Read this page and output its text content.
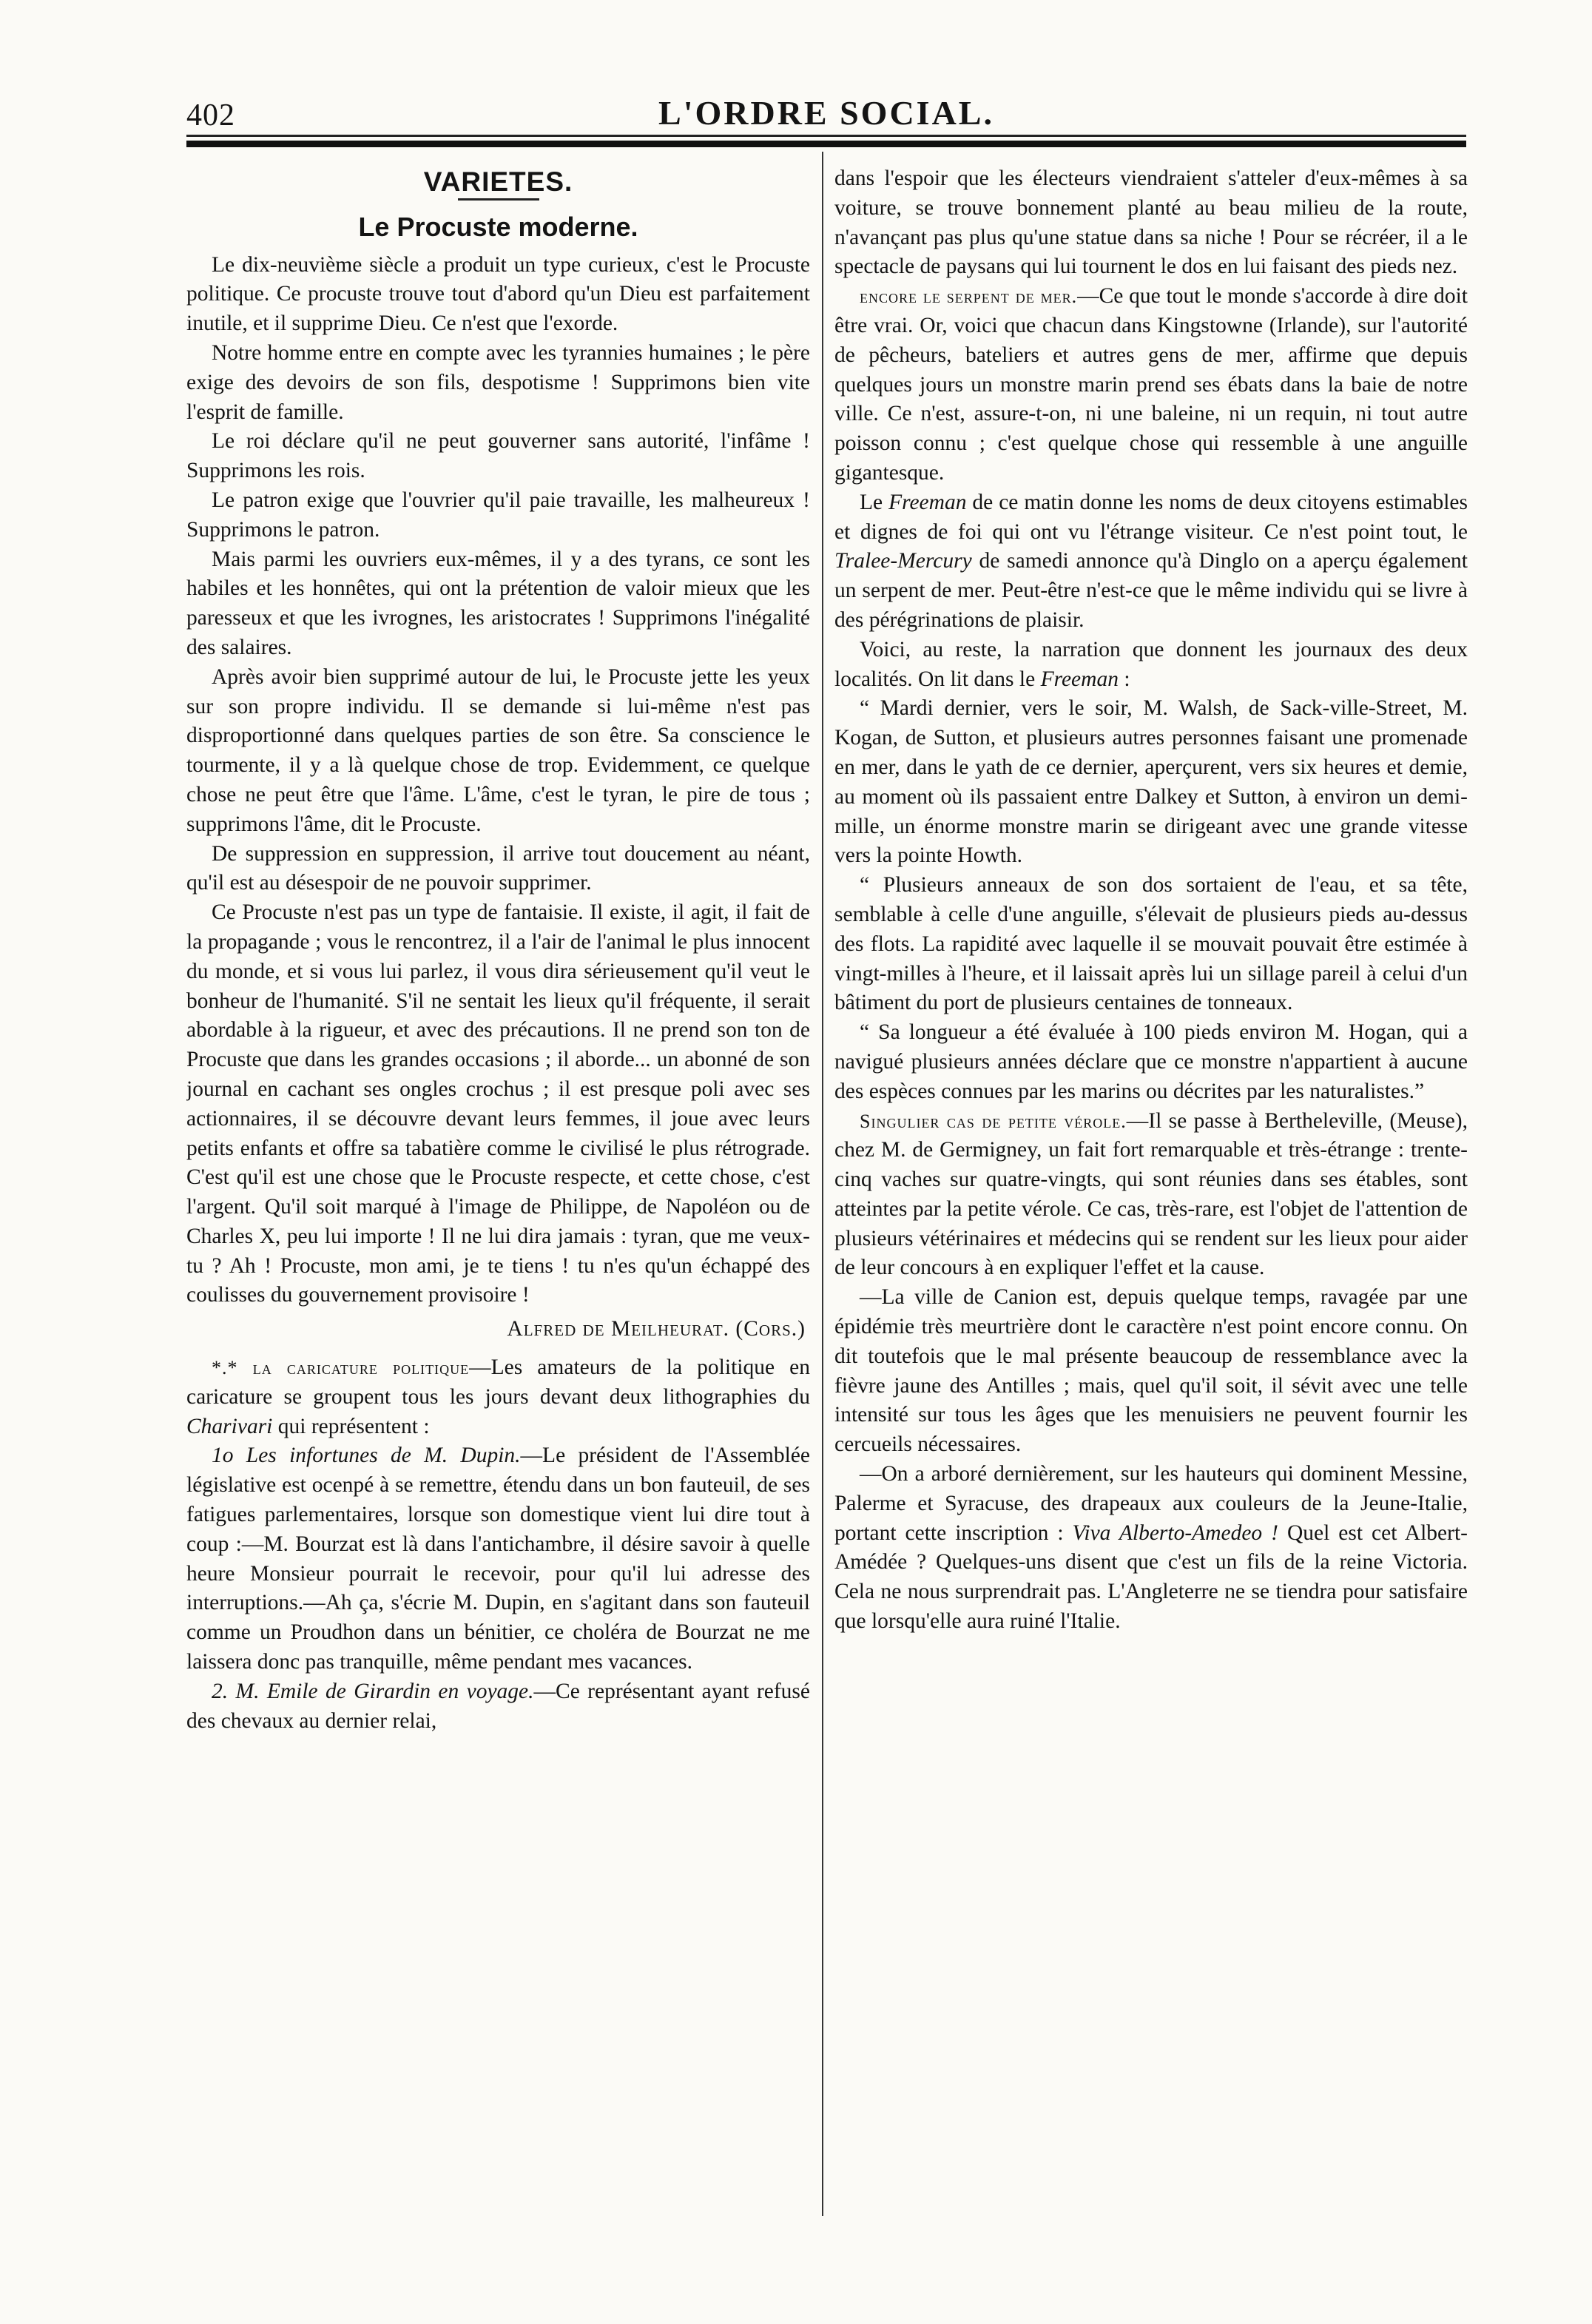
402	L'ORDRE SOCIAL.
VARIETES.
Le Procuste moderne.

Le dix-neuvième siècle a produit un type curieux, c'est le Procuste politique. Ce procuste trouve tout d'abord qu'un Dieu est parfaitement inutile, et il supprime Dieu. Ce n'est que l'exorde.

Notre homme entre en compte avec les tyrannies humaines ; le père exige des devoirs de son fils, despotisme ! Supprimons bien vite l'esprit de famille.

Le roi déclare qu'il ne peut gouverner sans autorité, l'infâme ! Supprimons les rois.

Le patron exige que l'ouvrier qu'il paie travaille, les malheureux ! Supprimons le patron.

Mais parmi les ouvriers eux-mêmes, il y a des tyrans, ce sont les habiles et les honnêtes, qui ont la prétention de valoir mieux que les paresseux et que les ivrognes, les aristocrates ! Supprimons l'inégalité des salaires.

Après avoir bien supprimé autour de lui, le Procuste jette les yeux sur son propre individu. Il se demande si lui-même n'est pas disproportionné dans quelques parties de son être. Sa conscience le tourmente, il y a là quelque chose de trop. Evidemment, ce quelque chose ne peut être que l'âme. L'âme, c'est le tyran, le pire de tous ; supprimons l'âme, dit le Procuste.

De suppression en suppression, il arrive tout doucement au néant, qu'il est au désespoir de ne pouvoir supprimer.

Ce Procuste n'est pas un type de fantaisie. Il existe, il agit, il fait de la propagande ; vous le rencontrez, il a l'air de l'animal le plus innocent du monde, et si vous lui parlez, il vous dira sérieusement qu'il veut le bonheur de l'humanité. S'il ne sentait les lieux qu'il fréquente, il serait abordable à la rigueur, et avec des précautions. Il ne prend son ton de Procuste que dans les grandes occasions ; il aborde... un abonné de son journal en cachant ses ongles crochus ; il est presque poli avec ses actionnaires, il se découvre devant leurs femmes, il joue avec leurs petits enfants et offre sa tabatière comme le civilisé le plus rétrograde. C'est qu'il est une chose que le Procuste respecte, et cette chose, c'est l'argent. Qu'il soit marqué à l'image de Philippe, de Napoléon ou de Charles X, peu lui importe ! Il ne lui dira jamais : tyran, que me veux-tu ? Ah ! Procuste, mon ami, je te tiens ! tu n'es qu'un échappé des coulisses du gouvernement provisoire !

Alfred de Meilheurat. (Cors.)

*.* la caricature politique—Les amateurs de la politique en caricature se groupent tous les jours devant deux lithographies du Charivari qui représentent :

1o Les infortunes de M. Dupin.—Le président de l'Assemblée législative est ocenpé à se remettre, étendu dans un bon fauteuil, de ses fatigues parlementaires, lorsque son domestique vient lui dire tout à coup :—M. Bourzat est là dans l'antichambre, il désire savoir à quelle heure Monsieur pourrait le recevoir, pour qu'il lui adresse des interruptions.—Ah ça, s'écrie M. Dupin, en s'agitant dans son fauteuil comme un Proudhon dans un bénitier, ce choléra de Bourzat ne me laissera donc pas tranquille, même pendant mes vacances.

2. M. Emile de Girardin en voyage.—Ce représentant ayant refusé des chevaux au dernier relai,

dans l'espoir que les électeurs viendraient s'atteler d'eux-mêmes à sa voiture, se trouve bonnement planté au beau milieu de la route, n'avançant pas plus qu'une statue dans sa niche ! Pour se récréer, il a le spectacle de paysans qui lui tournent le dos en lui faisant des pieds nez.

encore le serpent de mer.—Ce que tout le monde s'accorde à dire doit être vrai. Or, voici que chacun dans Kingstowne (Irlande), sur l'autorité de pêcheurs, bateliers et autres gens de mer, affirme que depuis quelques jours un monstre marin prend ses ébats dans la baie de notre ville. Ce n'est, assure-t-on, ni une baleine, ni un requin, ni tout autre poisson connu ; c'est quelque chose qui ressemble à une anguille gigantesque.

Le Freeman de ce matin donne les noms de deux citoyens estimables et dignes de foi qui ont vu l'étrange visiteur. Ce n'est point tout, le Tralee-Mercury de samedi annonce qu'à Dinglo on a aperçu également un serpent de mer. Peut-être n'est-ce que le même individu qui se livre à des pérégrinations de plaisir.

Voici, au reste, la narration que donnent les journaux des deux localités. On lit dans le Freeman :

“ Mardi dernier, vers le soir, M. Walsh, de Sack-ville-Street, M. Kogan, de Sutton, et plusieurs autres personnes faisant une promenade en mer, dans le yath de ce dernier, aperçurent, vers six heures et demie, au moment où ils passaient entre Dalkey et Sutton, à environ un demi-mille, un énorme monstre marin se dirigeant avec une grande vitesse vers la pointe Howth.

“ Plusieurs anneaux de son dos sortaient de l'eau, et sa tête, semblable à celle d'une anguille, s'élevait de plusieurs pieds au-dessus des flots. La rapidité avec laquelle il se mouvait pouvait être estimée à vingt-milles à l'heure, et il laissait après lui un sillage pareil à celui d'un bâtiment du port de plusieurs centaines de tonneaux.

“ Sa longueur a été évaluée à 100 pieds environ M. Hogan, qui a navigué plusieurs années déclare que ce monstre n'appartient à aucune des espèces connues par les marins ou décrites par les naturalistes.”

Singulier cas de petite vérole.—Il se passe à Bertheleville, (Meuse), chez M. de Germigney, un fait fort remarquable et très-étrange : trente-cinq vaches sur quatre-vingts, qui sont réunies dans ses étables, sont atteintes par la petite vérole. Ce cas, très-rare, est l'objet de l'attention de plusieurs vétérinaires et médecins qui se rendent sur les lieux pour aider de leur concours à en expliquer l'effet et la cause.

—La ville de Canion est, depuis quelque temps, ravagée par une épidémie très meurtrière dont le caractère n'est point encore connu. On dit toutefois que le mal présente beaucoup de ressemblance avec la fièvre jaune des Antilles ; mais, quel qu'il soit, il sévit avec une telle intensité sur tous les âges que les menuisiers ne peuvent fournir les cercueils nécessaires.

—On a arboré dernièrement, sur les hauteurs qui dominent Messine, Palerme et Syracuse, des drapeaux aux couleurs de la Jeune-Italie, portant cette inscription : Viva Alberto-Amedeo ! Quel est cet Albert-Amédée ? Quelques-uns disent que c'est un fils de la reine Victoria. Cela ne nous surprendrait pas. L'Angleterre ne se tiendra pour satisfaire que lorsqu'elle aura ruiné l'Italie.
